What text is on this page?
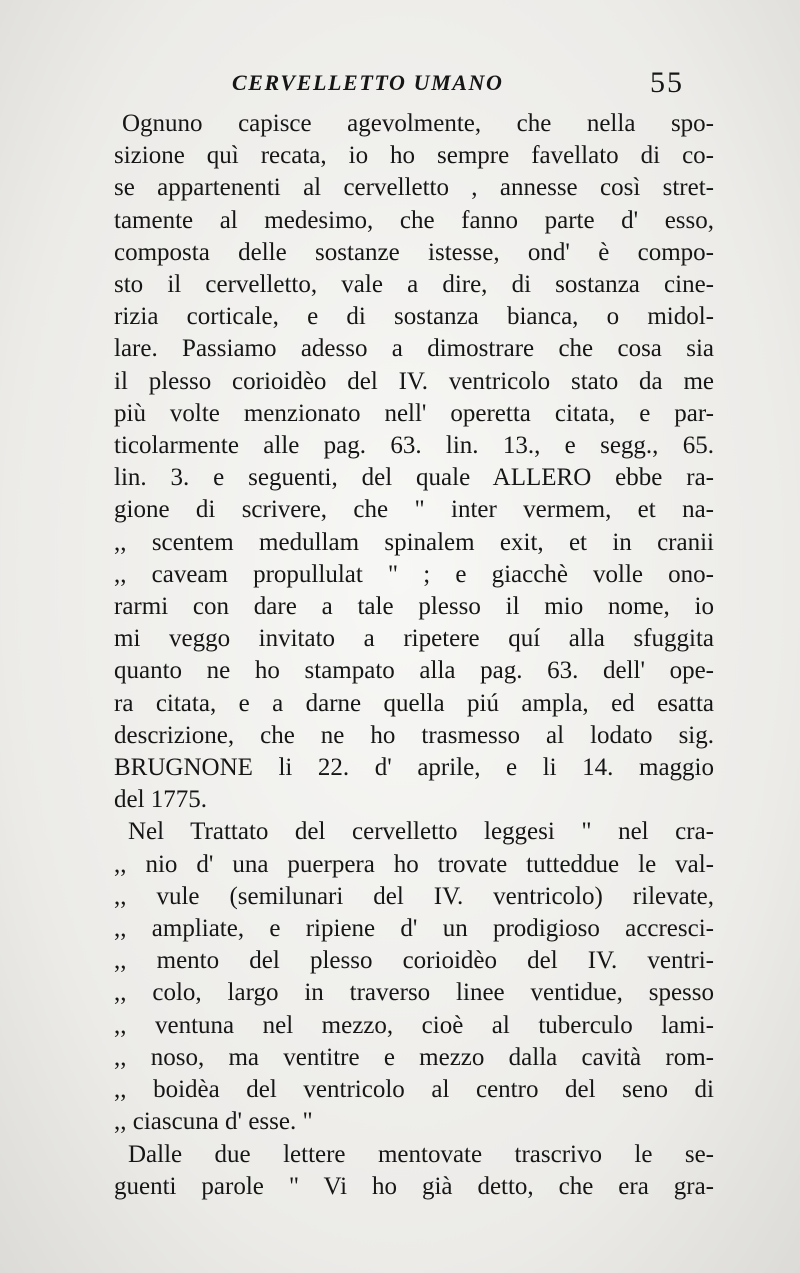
CERVELLETTO UMANO	55
Ognuno capisce agevolmente, che nella spo-
sizione quì recata, io ho sempre favellato di co-
se appartenenti al cervelletto , annesse così stret-
tamente al medesimo, che fanno parte d' esso,
composta delle sostanze istesse, ond' è compo-
sto il cervelletto, vale a dire, di sostanza cine-
rizia corticale, e di sostanza bianca, o midol-
lare. Passiamo adesso a dimostrare che cosa sia
il plesso corioidèo del IV. ventricolo stato da me
più volte menzionato nell' operetta citata, e par-
ticolarmente alle pag. 63. lin. 13., e segg., 65.
lin. 3. e seguenti, del quale ALLERO ebbe ra-
gione di scrivere, che " inter vermem, et na-
,, scentem medullam spinalem exit, et in cranii
,, caveam propullulat " ; e giacchè volle ono-
rarmi con dare a tale plesso il mio nome, io
mi veggo invitato a ripetere quí alla sfuggita
quanto ne ho stampato alla pag. 63. dell' ope-
ra citata, e a darne quella piú ampla, ed esatta
descrizione, che ne ho trasmesso al lodato sig.
BRUGNONE li 22. d' aprile, e li 14. maggio
del 1775.
Nel Trattato del cervelletto leggesi " nel cra-
,, nio d' una puerpera ho trovate tutteddue le val-
,, vule (semilunari del IV. ventricolo) rilevate,
,, ampliate, e ripiene d' un prodigioso accresci-
,, mento del plesso corioidèo del IV. ventri-
,, colo, largo in traverso linee ventidue, spesso
,, ventuna nel mezzo, cioè al tuberculo lami-
,, noso, ma ventitre e mezzo dalla cavità rom-
,, boidèa del ventricolo al centro del seno di
,, ciascuna d' esse. "
Dalle due lettere mentovate trascrivo le se-
guenti parole " Vi ho già detto, che era gra-
